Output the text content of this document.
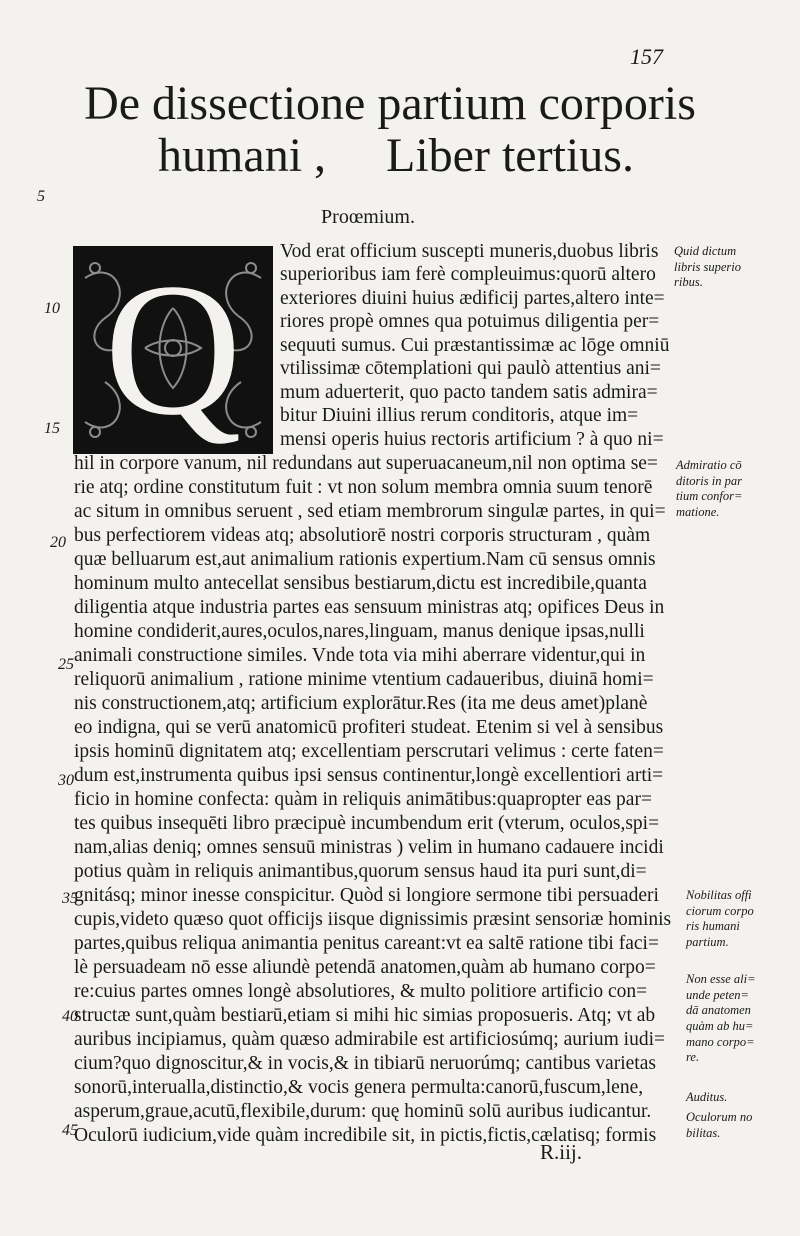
157
De dissectione partium corporis
humani ,     Liber tertius.
Proœmium.
Q
5
10
15
20
25
30
35
40
45
Vod erat officium suscepti muneris,duobus libris
superioribus iam ferè compleuimus:quorū altero
exteriores diuini huius ædificij partes,altero inte=
riores propè omnes qua potuimus diligentia per=
sequuti sumus. Cui præstantissimæ ac lōge omniū
vtilissimæ cōtemplationi qui paulò attentius ani=
mum aduerterit, quo pacto tandem satis admira=
bitur Diuini illius rerum conditoris, atque im=
mensi operis huius rectoris artificium ? à quo ni=
hil in corpore vanum, nil redundans aut superuacaneum,nil non optima se=
rie atq; ordine constitutum fuit : vt non solum membra omnia suum tenorē
ac situm in omnibus seruent , sed etiam membrorum singulæ partes, in qui=
bus perfectiorem videas atq; absolutiorē nostri corporis structuram , quàm
quæ belluarum est,aut animalium rationis expertium.Nam cū sensus omnis
hominum multo antecellat sensibus bestiarum,dictu est incredibile,quanta
diligentia atque industria partes eas sensuum ministras atq; opifices Deus in
homine condiderit,aures,oculos,nares,linguam, manus denique ipsas,nulli
animali constructione similes. Vnde tota via mihi aberrare videntur,qui in
reliquorū animalium , ratione minime vtentium cadaueribus, diuinā homi=
nis constructionem,atq; artificium explorātur.Res (ita me deus amet)planè
eo indigna, qui se verū anatomicū profiteri studeat. Etenim si vel à sensibus
ipsis hominū dignitatem atq; excellentiam perscrutari velimus : certe faten=
dum est,instrumenta quibus ipsi sensus continentur,longè excellentiori arti=
ficio in homine confecta: quàm in reliquis animātibus:quapropter eas par=
tes quibus insequēti libro præcipuè incumbendum erit (vterum, oculos,spi=
nam,alias deniq; omnes sensuū ministras ) velim in humano cadauere incidi
potius quàm in reliquis animantibus,quorum sensus haud ita puri sunt,di=
gnitásq; minor inesse conspicitur. Quòd si longiore sermone tibi persuaderi
cupis,videto quæso quot officijs iisque dignissimis præsint sensoriæ hominis
partes,quibus reliqua animantia penitus careant:vt ea saltē ratione tibi faci=
lè persuadeam nō esse aliundè petendā anatomen,quàm ab humano corpo=
re:cuius partes omnes longè absolutiores, & multo politiore artificio con=
structæ sunt,quàm bestiarū,etiam si mihi hic simias proposueris. Atq; vt ab
auribus incipiamus, quàm quæso admirabile est artificiosúmq; aurium iudi=
cium?quo dignoscitur,& in vocis,& in tibiarū neruorúmq; cantibus varietas
sonorū,interualla,distinctio,& vocis genera permulta:canorū,fuscum,lene,
asperum,graue,acutū,flexibile,durum: quę hominū solū auribus iudicantur.
Oculorū iudicium,vide quàm incredibile sit, in pictis,fictis,cælatisq; formis
Quid dictum
libris superio
ribus.
Admiratio cō
ditoris in par
tium confor=
matione.
Nobilitas offi
ciorum corpo
ris humani
partium.
Non esse ali=
unde peten=
dā anatomen
quàm ab hu=
mano corpo=
re.
Auditus.
Oculorum no
bilitas.
R.iij.
